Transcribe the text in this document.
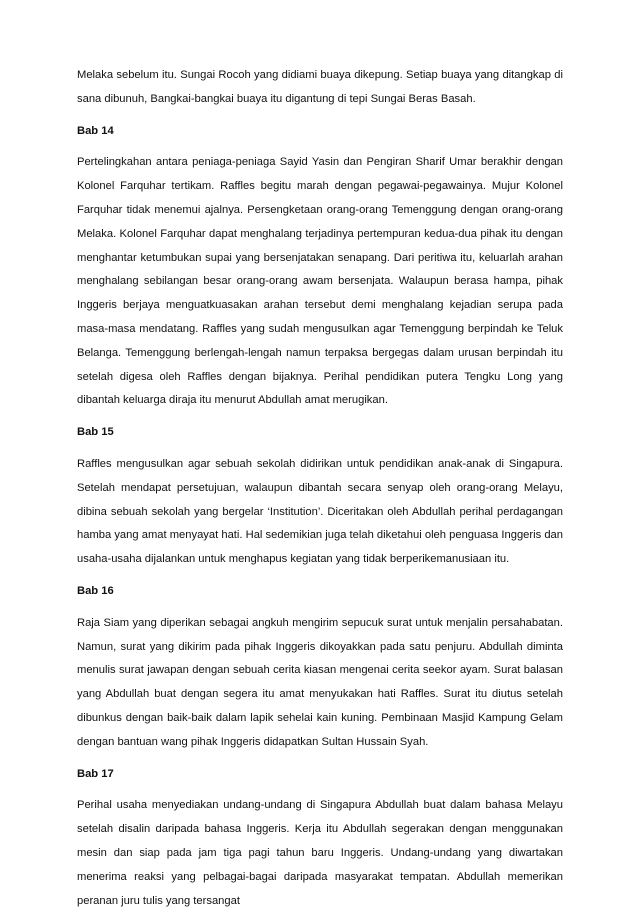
Melaka sebelum itu. Sungai Rocoh yang didiami buaya dikepung. Setiap buaya yang ditangkap di sana dibunuh, Bangkai-bangkai buaya itu digantung di tepi Sungai Beras Basah.

Bab 14

Pertelingkahan antara peniaga-peniaga Sayid Yasin dan Pengiran Sharif Umar berakhir dengan Kolonel Farquhar tertikam. Raffles begitu marah dengan pegawai-pegawainya. Mujur Kolonel Farquhar tidak menemui ajalnya. Persengketaan orang-orang Temenggung dengan orang-orang Melaka. Kolonel Farquhar dapat menghalang terjadinya pertempuran kedua-dua pihak itu dengan menghantar ketumbukan supai yang bersenjatakan senapang. Dari peritiwa itu, keluarlah arahan menghalang sebilangan besar orang-orang awam bersenjata. Walaupun berasa hampa, pihak Inggeris berjaya menguatkuasakan arahan tersebut demi menghalang kejadian serupa pada masa-masa mendatang. Raffles yang sudah mengusulkan agar Temenggung berpindah ke Teluk Belanga. Temenggung berlengah-lengah namun terpaksa bergegas dalam urusan berpindah itu setelah digesa oleh Raffles dengan bijaknya. Perihal pendidikan putera Tengku Long yang dibantah keluarga diraja itu menurut Abdullah amat merugikan.

Bab 15

Raffles mengusulkan agar sebuah sekolah didirikan untuk pendidikan anak-anak di Singapura. Setelah mendapat persetujuan, walaupun dibantah secara senyap oleh orang-orang Melayu, dibina sebuah sekolah yang bergelar ‘Institution’. Diceritakan oleh Abdullah perihal perdagangan hamba yang amat menyayat hati. Hal sedemikian juga telah diketahui oleh penguasa Inggeris dan usaha-usaha dijalankan untuk menghapus kegiatan yang tidak berperikemanusiaan itu.

Bab 16

Raja Siam yang diperikan sebagai angkuh mengirim sepucuk surat untuk menjalin persahabatan. Namun, surat yang dikirim pada pihak Inggeris dikoyakkan pada satu penjuru. Abdullah diminta menulis surat jawapan dengan sebuah cerita kiasan mengenai cerita seekor ayam. Surat balasan yang Abdullah buat dengan segera itu amat menyukakan hati Raffles. Surat itu diutus setelah dibunkus dengan baik-baik dalam lapik sehelai kain kuning. Pembinaan Masjid Kampung Gelam dengan bantuan wang pihak Inggeris didapatkan Sultan Hussain Syah.

Bab 17

Perihal usaha menyediakan undang-undang di Singapura Abdullah buat dalam bahasa Melayu setelah disalin daripada bahasa Inggeris. Kerja itu Abdullah segerakan dengan menggunakan mesin dan siap pada jam tiga pagi tahun baru Inggeris. Undang-undang yang diwartakan menerima reaksi yang pelbagai-bagai daripada masyarakat tempatan. Abdullah memerikan peranan juru tulis yang tersangat
